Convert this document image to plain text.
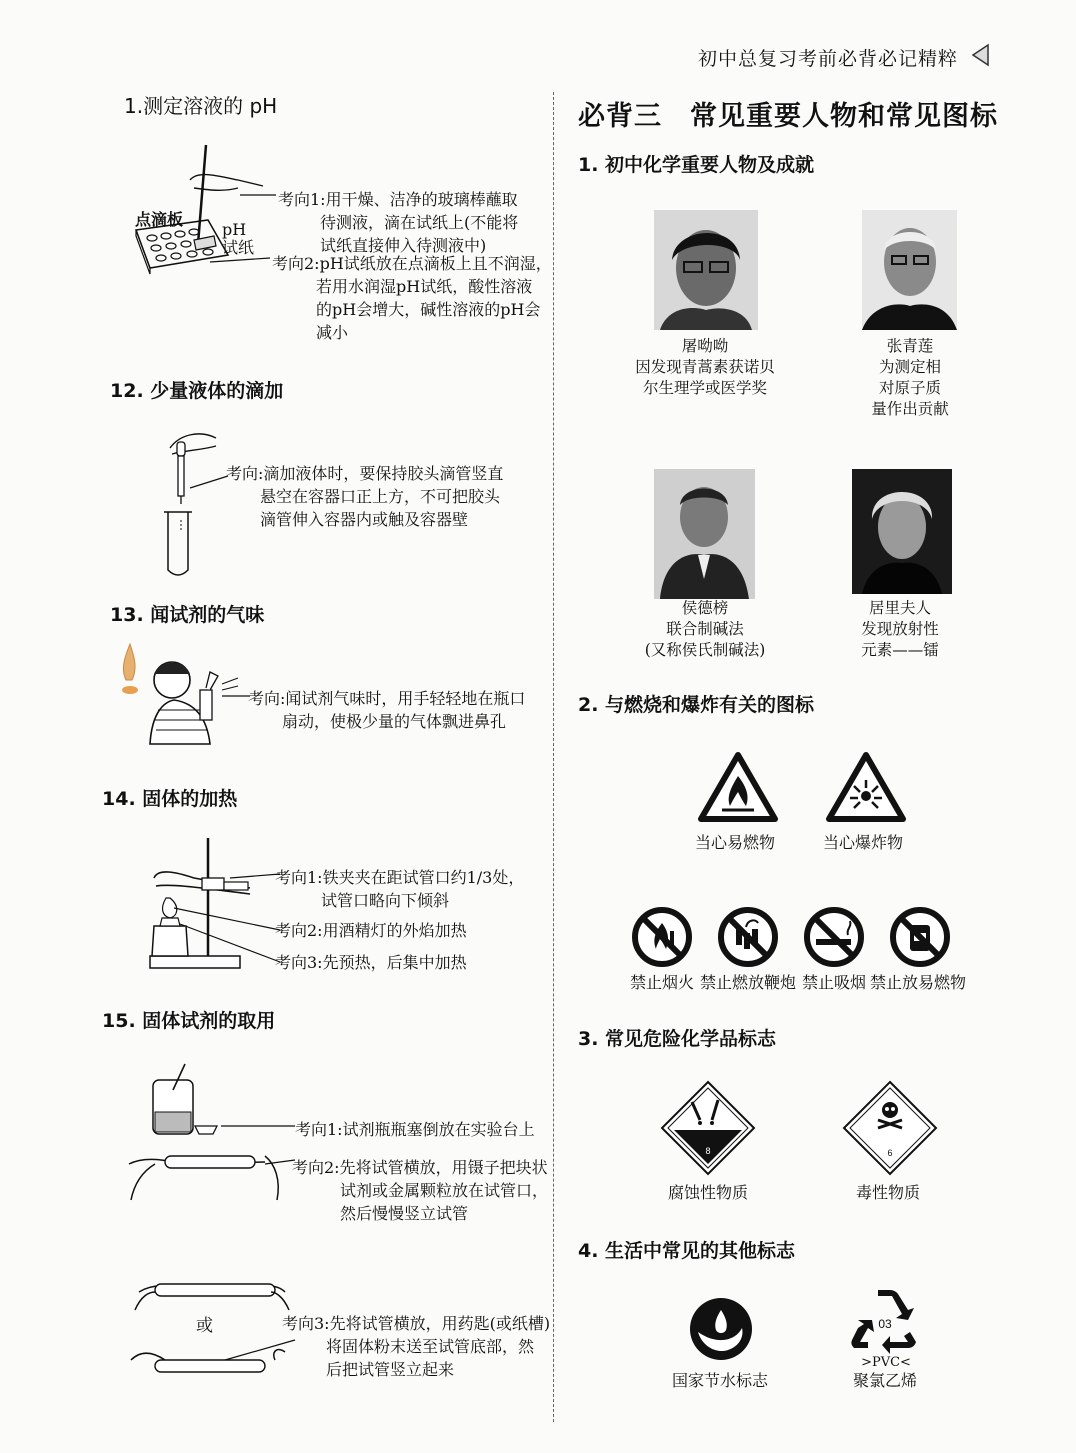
初中总复习考前必背必记精粹
1.测定溶液的 pH
点滴板
pH
试纸
考向1:用干燥、洁净的玻璃棒蘸取
待测液，滴在试纸上(不能将
试纸直接伸入待测液中)
考向2:pH试纸放在点滴板上且不润湿，
若用水润湿pH试纸，酸性溶液
的pH会增大，碱性溶液的pH会
减小
12. 少量液体的滴加
考向:滴加液体时，要保持胶头滴管竖直
悬空在容器口正上方，不可把胶头
滴管伸入容器内或触及容器壁
13. 闻试剂的气味
考向:闻试剂气味时，用手轻轻地在瓶口
扇动，使极少量的气体飘进鼻孔
14. 固体的加热
考向1:铁夹夹在距试管口约1/3处，
试管口略向下倾斜
考向2:用酒精灯的外焰加热
考向3:先预热，后集中加热
15. 固体试剂的取用
考向1:试剂瓶瓶塞倒放在实验台上
考向2:先将试管横放，用镊子把块状
试剂或金属颗粒放在试管口，
然后慢慢竖立试管
或	考向3:先将试管横放，用药匙(或纸槽)
将固体粉末送至试管底部，然
后把试管竖立起来
必背三　常见重要人物和常见图标
1. 初中化学重要人物及成就
屠呦呦
因发现青蒿素获诺贝
尔生理学或医学奖
张青莲
为测定相
对原子质
量作出贡献
侯德榜
联合制碱法
(又称侯氏制碱法)
居里夫人
发现放射性
元素——镭
2. 与燃烧和爆炸有关的图标
当心易燃物	当心爆炸物
禁止烟火 禁止燃放鞭炮 禁止吸烟 禁止放易燃物
3. 常见危险化学品标志
8	6
腐蚀性物质	毒性物质
4. 生活中常见的其他标志
03
>PVC<
国家节水标志	聚氯乙烯
